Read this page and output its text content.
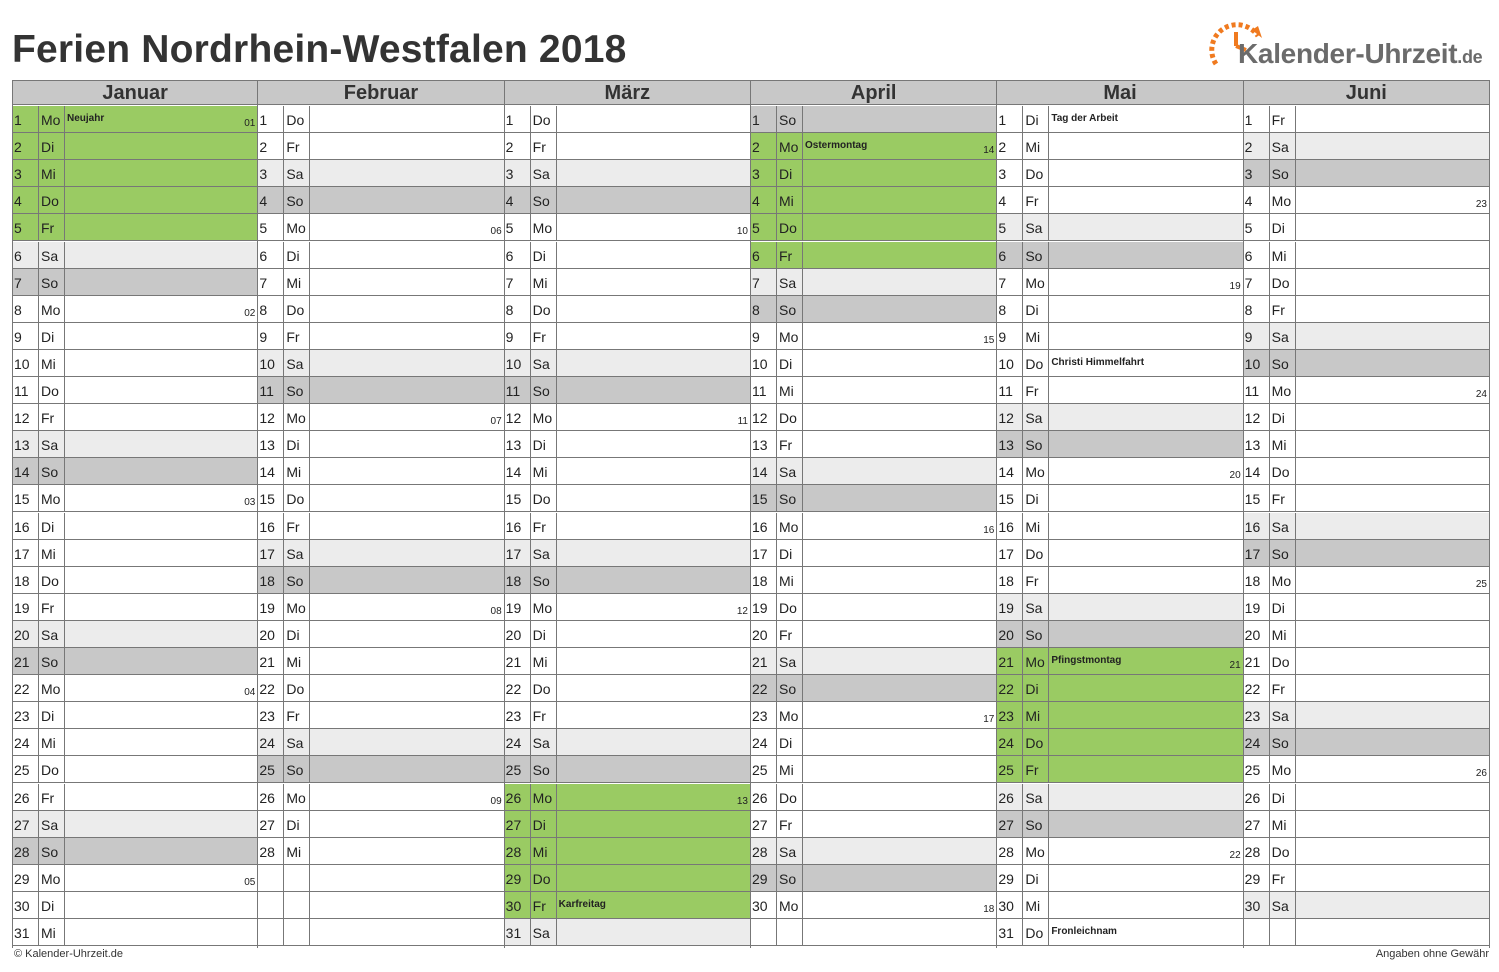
Ferien Nordrhein-Westfalen 2018	Kalender-Uhrzeit.de
Januar
1	Mo Neujahr	01
2	Di
3	Mi
4	Do
5	Fr
6	Sa
7	So
8	Mo	02
9	Di
10 Mi
11 Do
12 Fr
13 Sa
14 So
15 Mo	03
16 Di
17 Mi
18 Do
19 Fr
20 Sa
21 So
22 Mo	04
23 Di
24 Mi
25 Do
26 Fr
27 Sa
28 So
29 Mo	05
30 Di
31 Mi
Februar
1	Do
2	Fr
3	Sa
4	So
5	Mo	06
6	Di
7	Mi
8	Do
9	Fr
10 Sa
11 So
12 Mo	07
13 Di
14 Mi
15 Do
16 Fr
17 Sa
18 So
19 Mo	08
20 Di
21 Mi
22 Do
23 Fr
24 Sa
25 So
26 Mo	09
27 Di
28 Mi
März
1	Do
2	Fr
3	Sa
4	So
5	Mo	10
6	Di
7	Mi
8	Do
9	Fr
10 Sa
11 So
12 Mo	11
13 Di
14 Mi
15 Do
16 Fr
17 Sa
18 So
19 Mo	12
20 Di
21 Mi
22 Do
23 Fr
24 Sa
25 So
26 Mo	13
27 Di
28 Mi
29 Do
30 Fr	Karfreitag
31 Sa
April
1	So
2	Mo Ostermontag	14
3	Di
4	Mi
5	Do
6	Fr
7	Sa
8	So
9	Mo	15
10 Di
11 Mi
12 Do
13 Fr
14 Sa
15 So
16 Mo	16
17 Di
18 Mi
19 Do
20 Fr
21 Sa
22 So
23 Mo	17
24 Di
25 Mi
26 Do
27 Fr
28 Sa
29 So
30 Mo	18
Mai
1	Di	Tag der Arbeit
2	Mi
3	Do
4	Fr
5	Sa
6	So
7	Mo	19
8	Di
9	Mi
10 Do Christi Himmelfahrt
11 Fr
12 Sa
13 So
14 Mo	20
15 Di
16 Mi
17 Do
18 Fr
19 Sa
20 So
21 Mo Pfingstmontag	21
22 Di
23 Mi
24 Do
25 Fr
26 Sa
27 So
28 Mo	22
29 Di
30 Mi
31 Do Fronleichnam
Juni
1	Fr
2	Sa
3	So
4	Mo	23
5	Di
6	Mi
7	Do
8	Fr
9	Sa
10 So
11 Mo	24
12 Di
13 Mi
14 Do
15 Fr
16 Sa
17 So
18 Mo	25
19 Di
20 Mi
21 Do
22 Fr
23 Sa
24 So
25 Mo	26
26 Di
27 Mi
28 Do
29 Fr
30 Sa
© Kalender-Uhrzeit.de	Angaben ohne Gewähr
